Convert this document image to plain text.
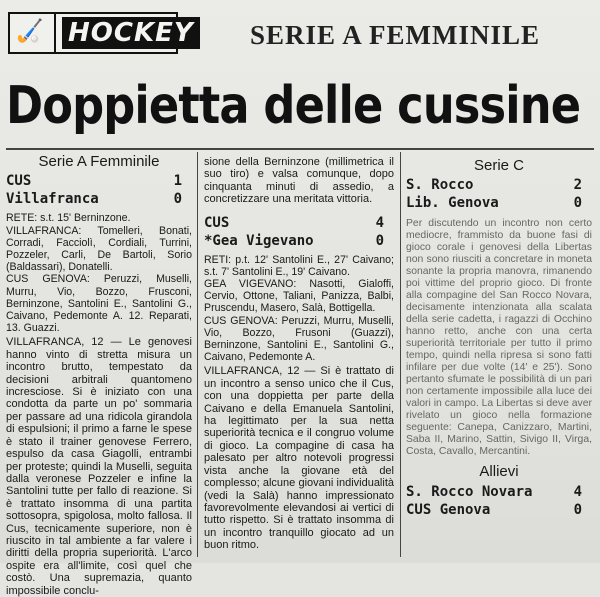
🏑 HOCKEY SERIE A FEMMINILE
Doppietta delle cussine
Serie A Femminile
CUS	1
Villafranca	0

RETE: s.t. 15' Berninzone.

VILLAFRANCA: Tomelleri, Bonati, Corradi, Facciolì, Cordiali, Turrini, Pozzeler, Carli, De Bartoli, Sorio (Baldassari), Donatelli.

CUS GENOVA: Peruzzi, Muselli, Murru, Vio, Bozzo, Frusconi, Berninzone, Santolini E., Santolini G., Caivano, Pedemonte A. 12. Reparati, 13. Guazzi.

VILLAFRANCA, 12 — Le genovesi hanno vinto di stretta misura un incontro brutto, tempestato da decisioni arbitrali quantomeno incresciose. Si è iniziato con una condotta da parte un po' sommaria per passare ad una ridicola girandola di espulsioni; il primo a farne le spese è stato il trainer genovese Ferrero, espulso da casa Giagolli, entrambi per proteste; quindi la Muselli, seguita dalla veronese Pozzeler e infine la Santolini tutte per fallo di reazione. Si è trattato insomma di una partita sottosopra, spigolosa, molto fallosa. Il Cus, tecnicamente superiore, non è riuscito in tal ambiente a far valere i diritti della propria superiorità. L'arco ospite era all'limite, così quel che costò. Una supremazia, quanto impossibile conclu-

sione della Berninzone (millimetrica il suo tiro) e valsa comunque, dopo cinquanta minuti di assedio, a concretizzare una meritata vittoria.

CUS	4
*Gea Vigevano	0

RETI: p.t. 12' Santolini E., 27' Caivano; s.t. 7' Santolini E., 19' Caivano.

GEA VIGEVANO: Nasotti, Gialoffi, Cervio, Ottone, Taliani, Panizza, Balbi, Pruscendu, Masero, Salà, Bottigella.

CUS GENOVA: Peruzzi, Murru, Muselli, Vio, Bozzo, Frusoni (Guazzi), Berninzone, Santolini E., Santolini G., Caivano, Pedemonte A.

VILLAFRANCA, 12 — Si è trattato di un incontro a senso unico che il Cus, con una doppietta per parte della Caivano e della Emanuela Santolini, ha legittimato per la sua netta superiorità tecnica e il congruo volume di gioco. La compagine di casa ha palesato per altro notevoli progressi vista anche la giovane età del complesso; alcune giovani individualità (vedi la Salà) hanno impressionato favorevolmente elevandosi ai vertici di tutto rispetto. Si è trattato insomma di un incontro tranquillo giocato ad un buon ritmo.

Serie C
S. Rocco	2
Lib. Genova	0

Per discutendo un incontro non certo mediocre, frammisto da buone fasi di gioco corale i genovesi della Libertas non sono riusciti a concretare in moneta sonante la propria manovra, rimanendo poi vittime del proprio gioco. Di fronte alla compagine del San Rocco Novara, decisamente intenzionata alla scalata della serie cadetta, i ragazzi di Occhino hanno retto, anche con una certa superiorità territoriale per tutto il primo tempo, quindi nella ripresa si sono fatti infilare per due volte (14' e 25'). Sono pertanto sfumate le possibilità di un pari non certamente impossibile alla luce dei valori in campo. La Libertas si deve aver rivelato un gioco nella formazione seguente: Canepa, Canizzaro, Martini, Saba II, Marino, Sattin, Sivigo II, Virga, Costa, Cavallo, Mercantini.

Allievi
S. Rocco Novara	4
CUS Genova	0
